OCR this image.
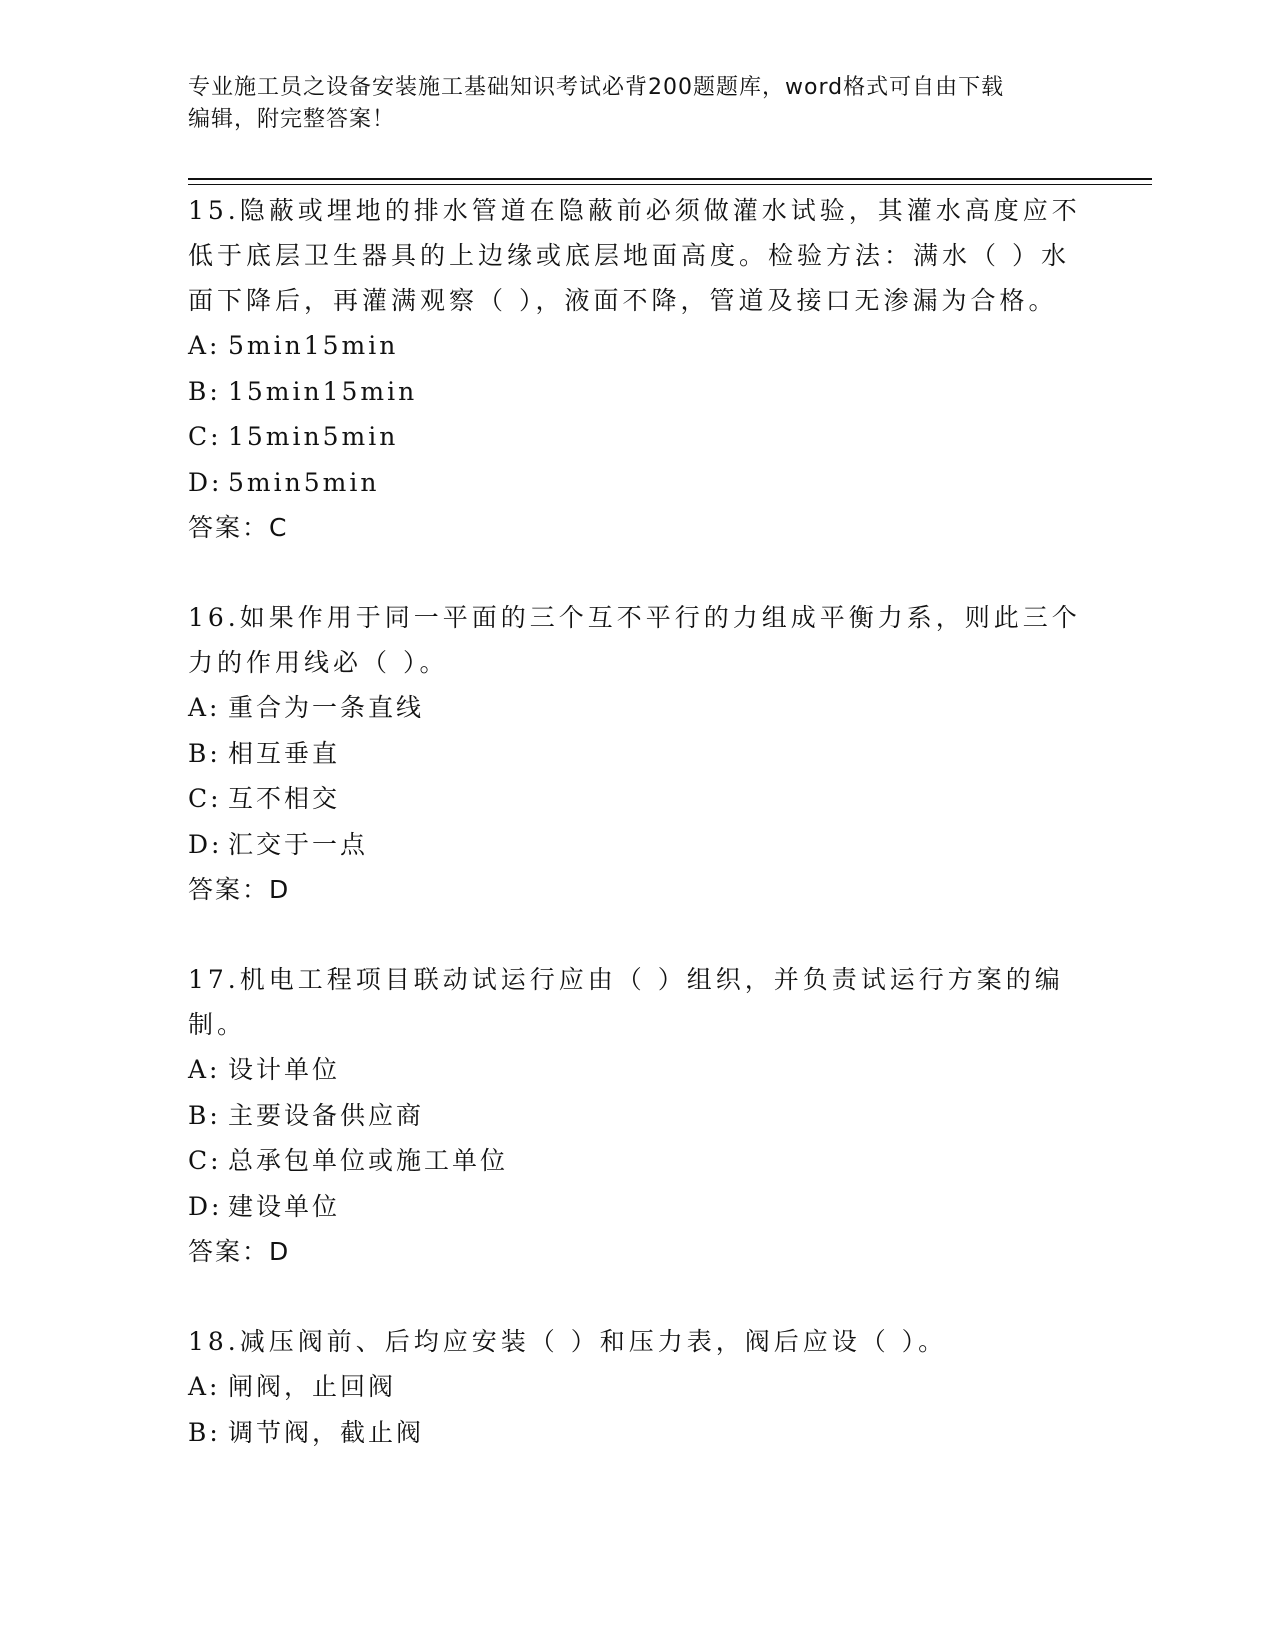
专业施工员之设备安装施工基础知识考试必背200题题库，word格式可自由下载
编辑，附完整答案！

15.隐蔽或埋地的排水管道在隐蔽前必须做灌水试验，其灌水高度应不

低于底层卫生器具的上边缘或底层地面高度。检验方法：满水（ ）水

面下降后，再灌满观察（ ），液面不降，管道及接口无渗漏为合格。

A: 5min15min

B: 15min15min

C: 15min5min

D: 5min5min

答案：C

16.如果作用于同一平面的三个互不平行的力组成平衡力系，则此三个

力的作用线必（ ）。

A: 重合为一条直线

B: 相互垂直

C: 互不相交

D: 汇交于一点

答案：D

17.机电工程项目联动试运行应由（ ）组织，并负责试运行方案的编

制。

A: 设计单位

B: 主要设备供应商

C: 总承包单位或施工单位

D: 建设单位

答案：D

18.减压阀前、后均应安装（ ）和压力表，阀后应设（ ）。

A: 闸阀，止回阀

B: 调节阀，截止阀
